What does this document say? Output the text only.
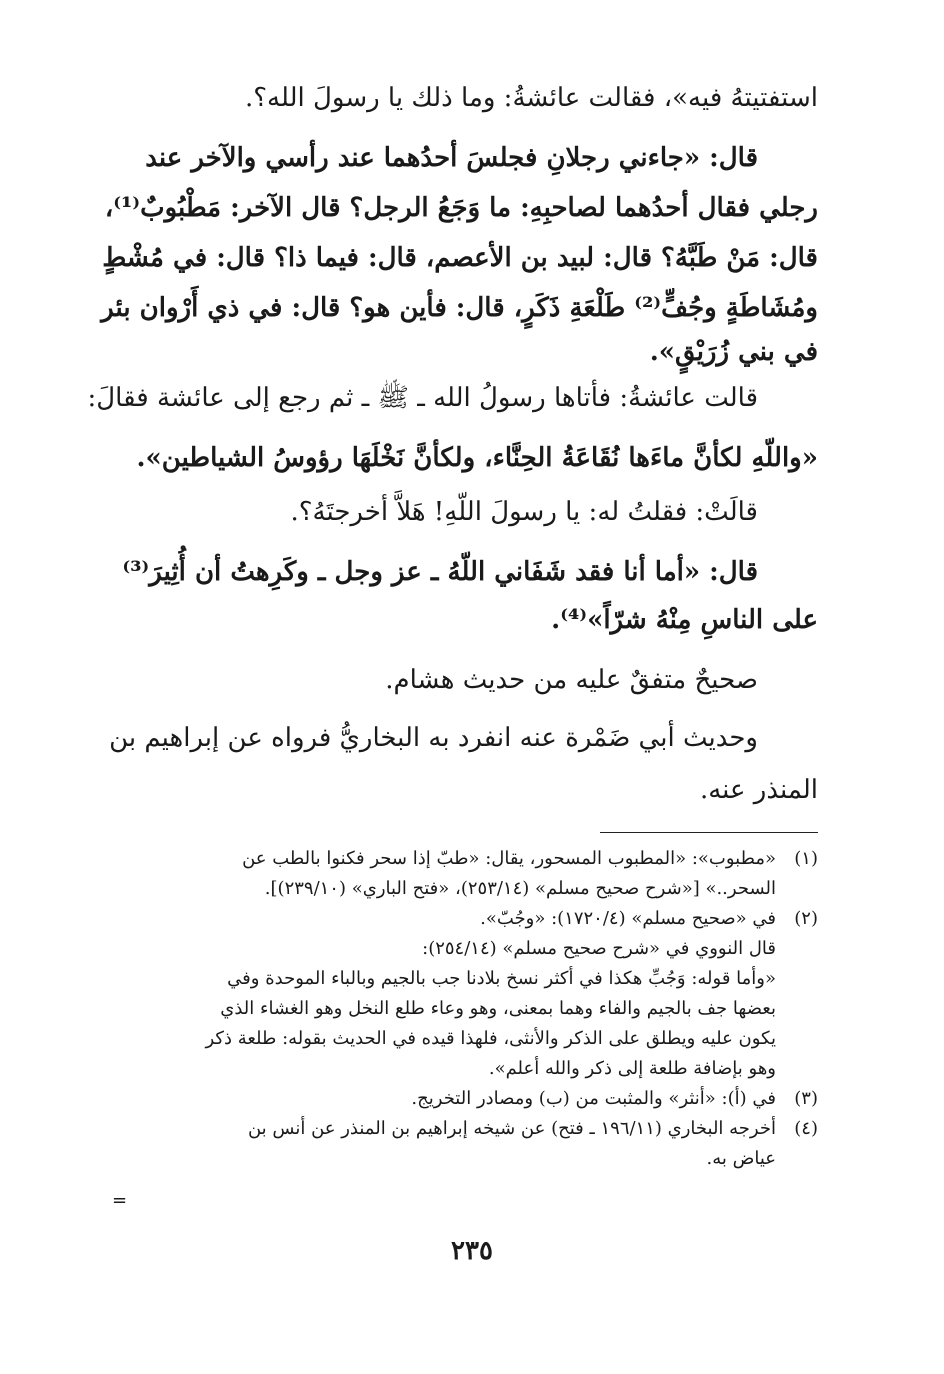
استفتيتهُ فيه»، فقالت عائشةُ: وما ذلك يا رسولَ الله؟.
قال: «جاءني رجلانِ فجلسَ أحدُهما عند رأسي والآخر عند
رجلي فقال أحدُهما لصاحبِهِ: ما وَجَعُ الرجل؟ قال الآخر: مَطْبُوبٌ⁽¹⁾،
قال: مَنْ طَبَّهُ؟ قال: لبيد بن الأعصم، قال: فيما ذا؟ قال: في مُشْطٍ
ومُشَاطَةٍ وجُفٍّ⁽²⁾ طَلْعَةِ ذَكَرٍ، قال: فأين هو؟ قال: في ذي أَرْوان بئر
في بني زُرَيْقٍ».
قالت عائشةُ: فأتاها رسولُ الله ـ ﷺ ـ ثم رجع إلى عائشة فقالَ:
«واللّهِ لكأنَّ ماءَها نُقَاعَةُ الحِنَّاء، ولكأنَّ نَخْلَهَا رؤوسُ الشياطين».
قالَتْ: فقلتُ له: يا رسولَ اللّهِ! هَلاَّ أخرجتَهُ؟.
قال: «أما أنا فقد شَفَاني اللّهُ ـ عز وجل ـ وكَرِهتُ أن أُثِيرَ⁽³⁾
على الناسِ مِنْهُ شرّاً»⁽⁴⁾.
صحيحٌ متفقٌ عليه من حديث هشام.
وحديث أبي ضَمْرة عنه انفرد به البخاريُّ فرواه عن إبراهيم بن
المنذر عنه.
(١)«مطبوب»: «المطبوب المسحور، يقال: «طبّ إذا سحر فكنوا بالطب عن
السحر..» [«شرح صحيح مسلم» (٢٥٣/١٤)، «فتح الباري» (٢٣٩/١٠)].
(٢)في «صحيح مسلم» (١٧٢٠/٤): «وجُبّ».
قال النووي في «شرح صحيح مسلم» (٢٥٤/١٤):
«وأما قوله: وَجُبِّ هكذا في أكثر نسخ بلادنا جب بالجيم وبالباء الموحدة وفي
بعضها جف بالجيم والفاء وهما بمعنى، وهو وعاء طلع النخل وهو الغشاء الذي
يكون عليه ويطلق على الذكر والأنثى، فلهذا قيده في الحديث بقوله: طلعة ذكر
وهو بإضافة طلعة إلى ذكر والله أعلم».
(٣)في (أ): «أنثر» والمثبت من (ب) ومصادر التخريج.
(٤)أخرجه البخاري (١٩٦/١١ ـ فتح) عن شيخه إبراهيم بن المنذر عن أنس بن
عياض به.
=
٢٣٥
